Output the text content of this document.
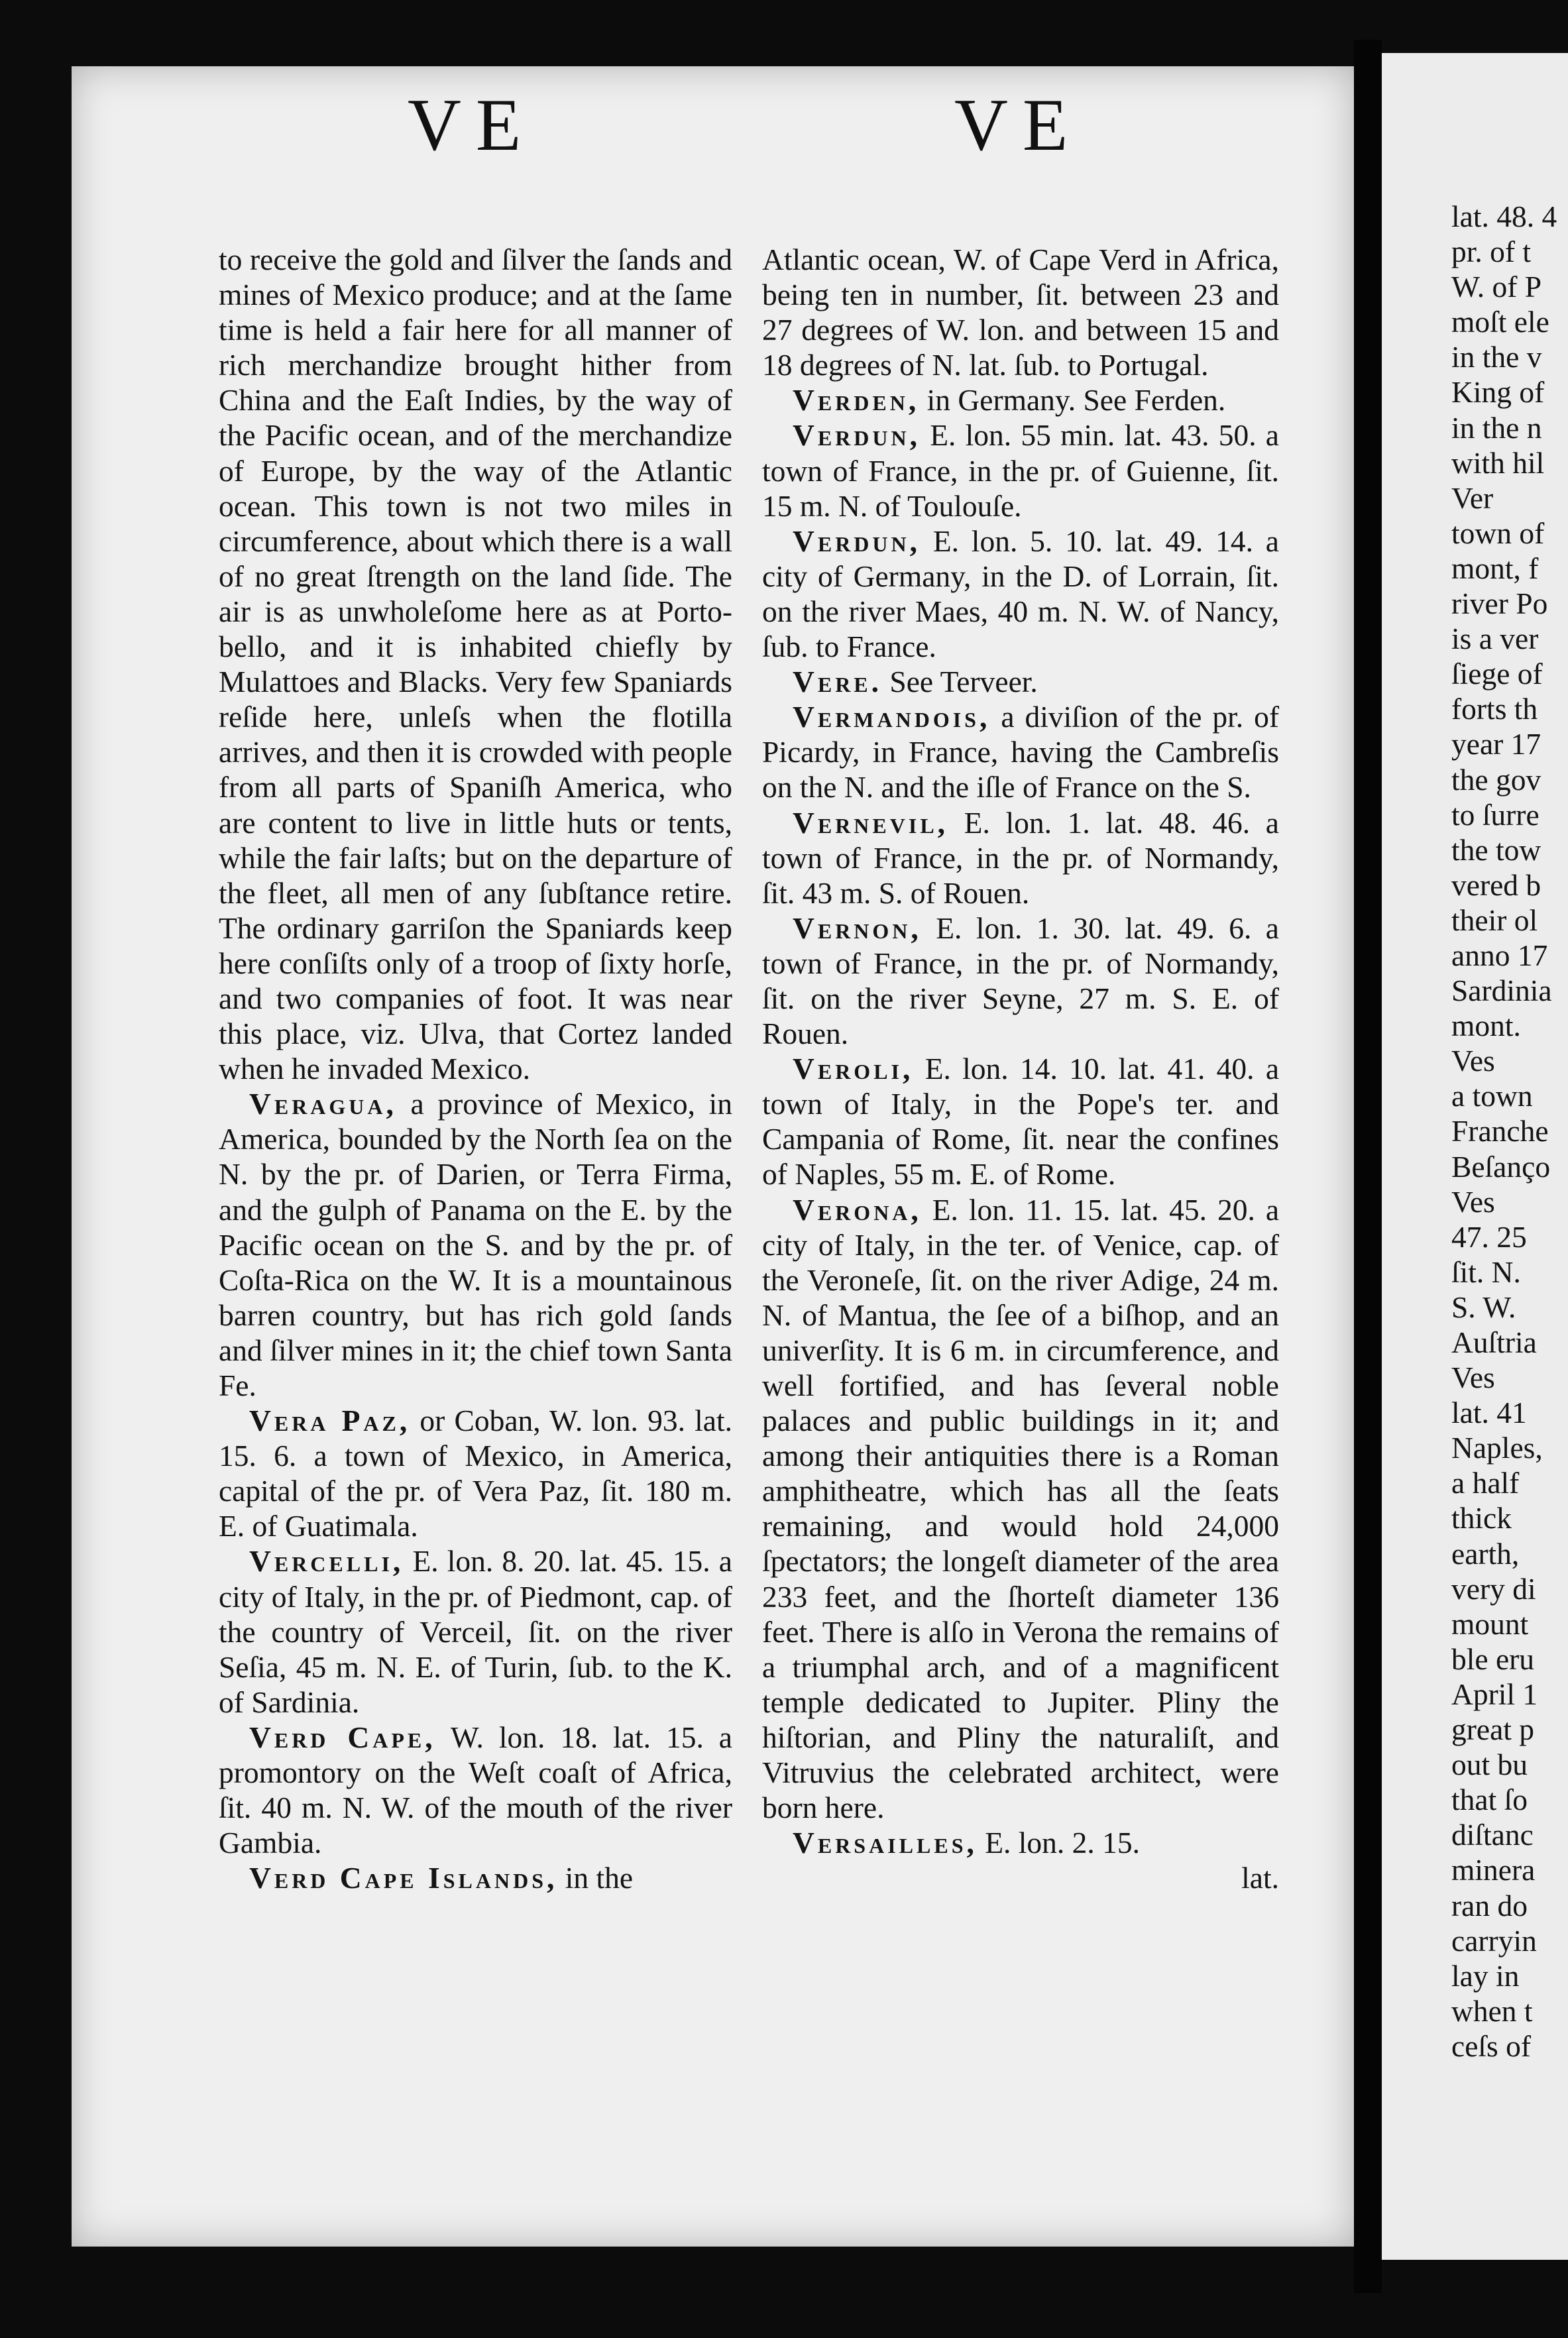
VE	VE

to receive the gold and ſilver the ſands and mines of Mexico produce; and at the ſame time is held a fair here for all manner of rich merchandize brought hither from China and the Eaſt Indies, by the way of the Pacific ocean, and of the merchandize of Europe, by the way of the Atlantic ocean. This town is not two miles in circumference, about which there is a wall of no great ſtrength on the land ſide. The air is as unwholeſome here as at Porto-bello, and it is inhabited chiefly by Mulattoes and Blacks. Very few Spaniards reſide here, unleſs when the flotilla arrives, and then it is crowded with people from all parts of Spaniſh America, who are content to live in little huts or tents, while the fair laſts; but on the departure of the fleet, all men of any ſubſtance retire. The ordinary garriſon the Spaniards keep here conſiſts only of a troop of ſixty horſe, and two companies of foot. It was near this place, viz. Ulva, that Cortez landed when he invaded Mexico.

Veragua, a province of Mexico, in America, bounded by the North ſea on the N. by the pr. of Darien, or Terra Firma, and the gulph of Panama on the E. by the Pacific ocean on the S. and by the pr. of Coſta-Rica on the W. It is a mountainous barren country, but has rich gold ſands and ſilver mines in it; the chief town Santa Fe.

Vera Paz, or Coban, W. lon. 93. lat. 15. 6. a town of Mexico, in America, capital of the pr. of Vera Paz, ſit. 180 m. E. of Guatimala.

Vercelli, E. lon. 8. 20. lat. 45. 15. a city of Italy, in the pr. of Piedmont, cap. of the country of Verceil, ſit. on the river Seſia, 45 m. N. E. of Turin, ſub. to the K. of Sardinia.

Verd Cape, W. lon. 18. lat. 15. a promontory on the Weſt coaſt of Africa, ſit. 40 m. N. W. of the mouth of the river Gambia.

Verd Cape Islands, in the

Atlantic ocean, W. of Cape Verd in Africa, being ten in number, ſit. between 23 and 27 degrees of W. lon. and between 15 and 18 degrees of N. lat. ſub. to Portugal.

Verden, in Germany. See Ferden.

Verdun, E. lon. 55 min. lat. 43. 50. a town of France, in the pr. of Guienne, ſit. 15 m. N. of Toulouſe.

Verdun, E. lon. 5. 10. lat. 49. 14. a city of Germany, in the D. of Lorrain, ſit. on the river Maes, 40 m. N. W. of Nancy, ſub. to France.

Vere. See Terveer.

Vermandois, a diviſion of the pr. of Picardy, in France, having the Cambreſis on the N. and the iſle of France on the S.

Vernevil, E. lon. 1. lat. 48. 46. a town of France, in the pr. of Normandy, ſit. 43 m. S. of Rouen.

Vernon, E. lon. 1. 30. lat. 49. 6. a town of France, in the pr. of Normandy, ſit. on the river Seyne, 27 m. S. E. of Rouen.

Veroli, E. lon. 14. 10. lat. 41. 40. a town of Italy, in the Pope's ter. and Campania of Rome, ſit. near the confines of Naples, 55 m. E. of Rome.

Verona, E. lon. 11. 15. lat. 45. 20. a city of Italy, in the ter. of Venice, cap. of the Veroneſe, ſit. on the river Adige, 24 m. N. of Mantua, the ſee of a biſhop, and an univerſity. It is 6 m. in circumference, and well fortified, and has ſeveral noble palaces and public buildings in it; and among their antiquities there is a Roman amphitheatre, which has all the ſeats remaining, and would hold 24,000 ſpectators; the longeſt diameter of the area 233 feet, and the ſhorteſt diameter 136 feet. There is alſo in Verona the remains of a triumphal arch, and of a magnificent temple dedicated to Jupiter. Pliny the hiſtorian, and Pliny the naturaliſt, and Vitruvius the celebrated architect, were born here.

Versailles, E. lon. 2. 15.

lat.

lat. 48. 4
pr. of t
W. of P
moſt ele
in the v
King of
in the n
with hil
Ver
town of
mont, f
river Po
is a ver
ſiege of
forts th
year 17
the gov
to ſurre
the tow
vered b
their ol
anno 17
Sardinia
mont.
Ves
a town
Franche
Beſanço
Ves
47. 25
ſit. N.
S. W.
Auſtria
Ves
lat. 41
Naples,
a half
thick
earth,
very di
mount
ble eru
April 1
great p
out bu
that ſo
diſtanc
minera
ran do
carryin
lay in
when t
ceſs of
